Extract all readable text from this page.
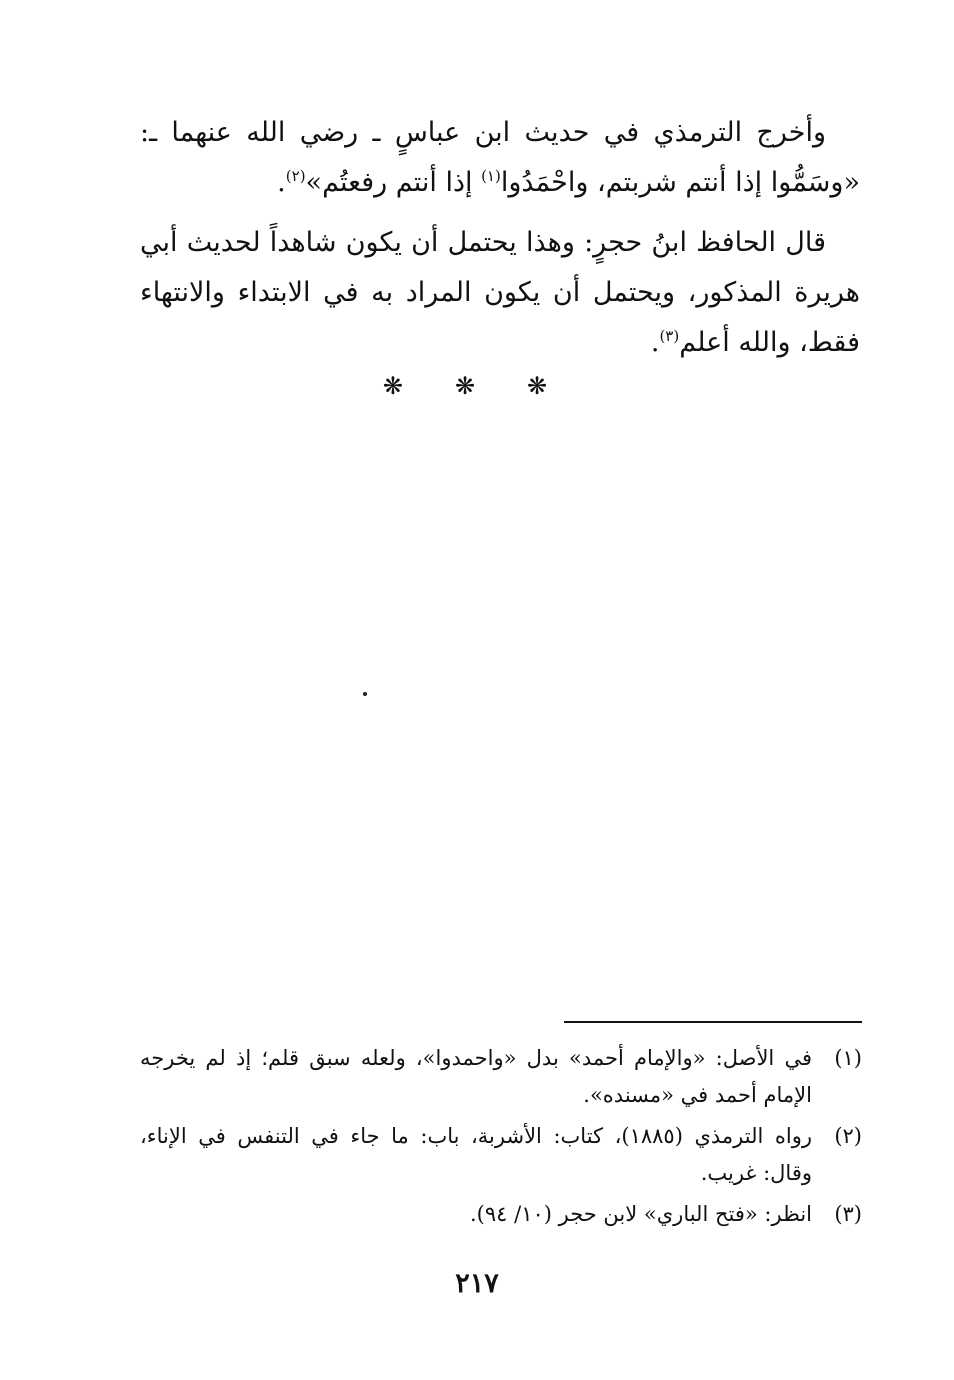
وأخرج الترمذي في حديث ابن عباسٍ ـ رضي الله عنهما ـ: «وسَمُّوا إذا أنتم شربتم، واحْمَدُوا$^{(١)}$ إذا أنتم رفعتُم»$^{(٢)}$.
قال الحافظ ابنُ حجرٍ: وهذا يحتمل أن يكون شاهداً لحديث أبي هريرة المذكور، ويحتمل أن يكون المراد به في الابتداء والانتهاء فقط، والله أعلم$^{(٣)}$.
❋❋❋
(١)
في الأصل: «والإمام أحمد» بدل «واحمدوا»، ولعله سبق قلم؛ إذ لم يخرجه الإمام أحمد في «مسنده».
(٢)
رواه الترمذي (١٨٨٥)، كتاب: الأشربة، باب: ما جاء في التنفس في الإناء، وقال: غريب.
(٣)
انظر: «فتح الباري» لابن حجر (١٠/ ٩٤).
٢١٧
